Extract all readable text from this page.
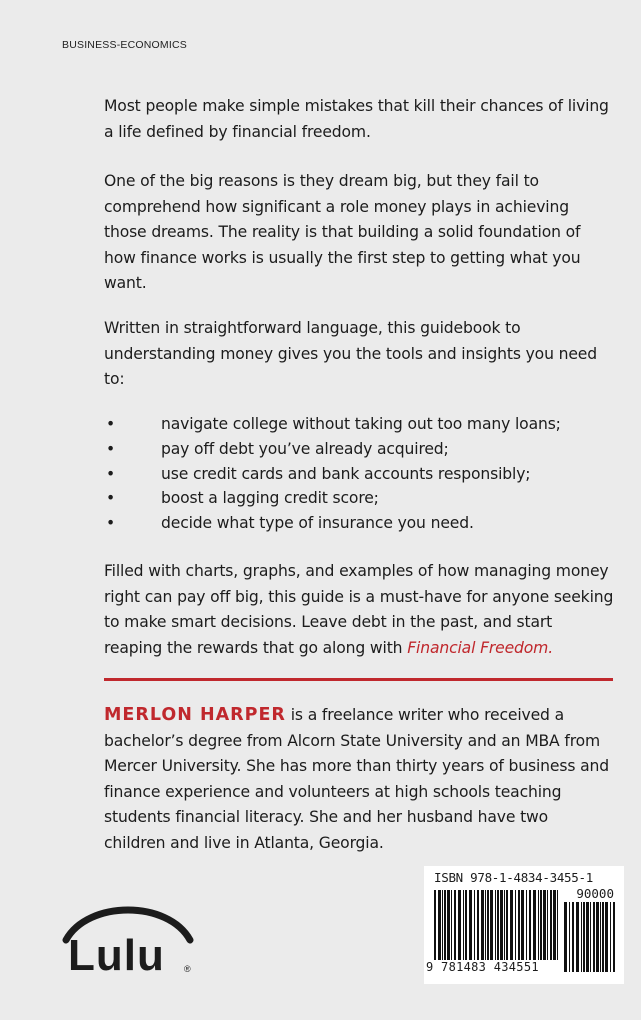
BUSINESS-ECONOMICS

Most people make simple mistakes that kill their chances of living a life defined by financial freedom.

One of the big reasons is they dream big, but they fail to comprehend how significant a role money plays in achieving those dreams. The reality is that building a solid foundation of how finance works is usually the first step to getting what you want.

Written in straightforward language, this guidebook to understanding money gives you the tools and insights you need to:

•	navigate college without taking out too many loans;
•	pay off debt you’ve already acquired;
•	use credit cards and bank accounts responsibly;
•	boost a lagging credit score;
•	decide what type of insurance you need.

Filled with charts, graphs, and examples of how managing money right can pay off big, this guide is a must-have for anyone seeking to make smart decisions. Leave debt in the past, and start reaping the rewards that go along with Financial Freedom.

MERLON HARPER is a freelance writer who received a bachelor’s degree from Alcorn State University and an MBA from Mercer University. She has more than thirty years of business and finance experience and volunteers at high schools teaching students financial literacy. She and her husband have two children and live in Atlanta, Georgia.

Lulu ®
ISBN 978-1-4834-3455-1
90000
9 781483 434551
